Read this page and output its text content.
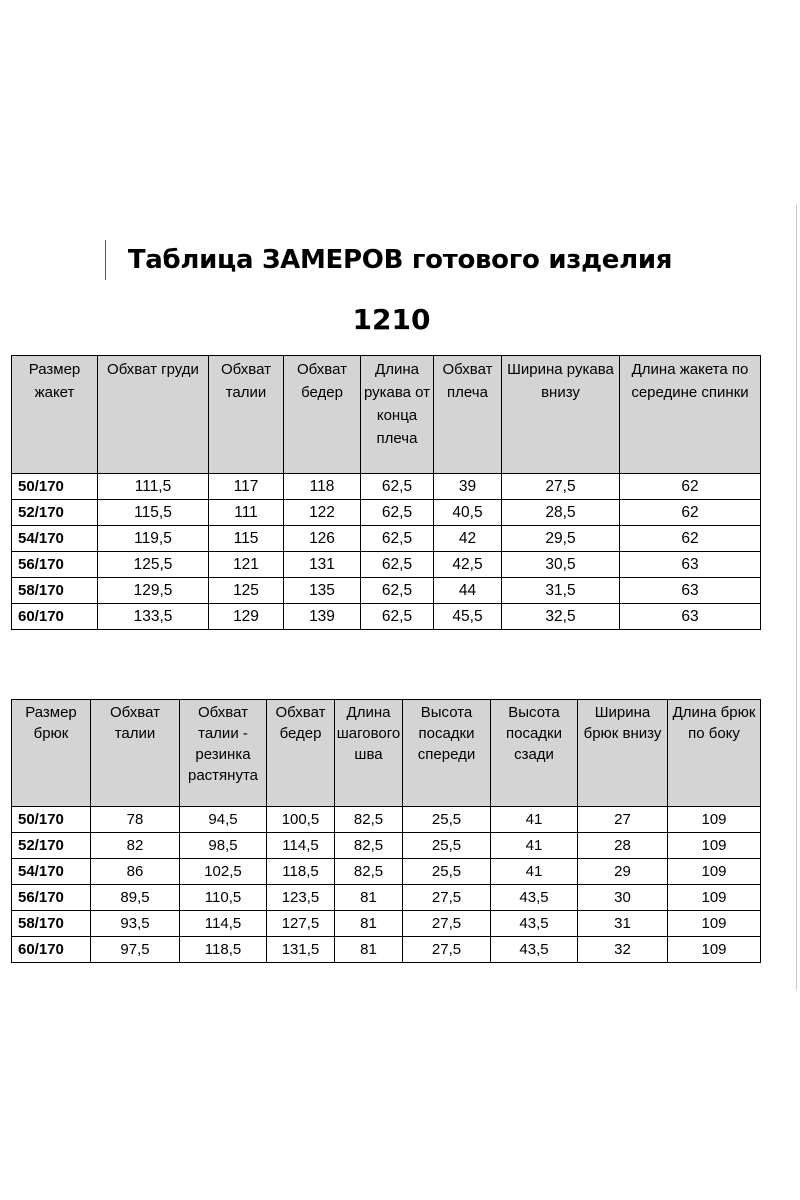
Таблица ЗАМЕРОВ готового изделия
1210
Размер жакет	Обхват груди	Обхват талии	Обхват бедер	Длина рукава от конца плеча	Обхват плеча	Ширина рукава внизу	Длина жакета по середине спинки
50/170	111,5	117	118	62,5	39	27,5	62
52/170	115,5	111	122	62,5	40,5	28,5	62
54/170	119,5	115	126	62,5	42	29,5	62
56/170	125,5	121	131	62,5	42,5	30,5	63
58/170	129,5	125	135	62,5	44	31,5	63
60/170	133,5	129	139	62,5	45,5	32,5	63
Размер брюк	Обхват талии	Обхват талии - резинка растянута	Обхват бедер	Длина шагового шва	Высота посадки спереди	Высота посадки сзади	Ширина брюк внизу	Длина брюк по боку
50/170	78	94,5	100,5	82,5	25,5	41	27	109
52/170	82	98,5	114,5	82,5	25,5	41	28	109
54/170	86	102,5	118,5	82,5	25,5	41	29	109
56/170	89,5	110,5	123,5	81	27,5	43,5	30	109
58/170	93,5	114,5	127,5	81	27,5	43,5	31	109
60/170	97,5	118,5	131,5	81	27,5	43,5	32	109
